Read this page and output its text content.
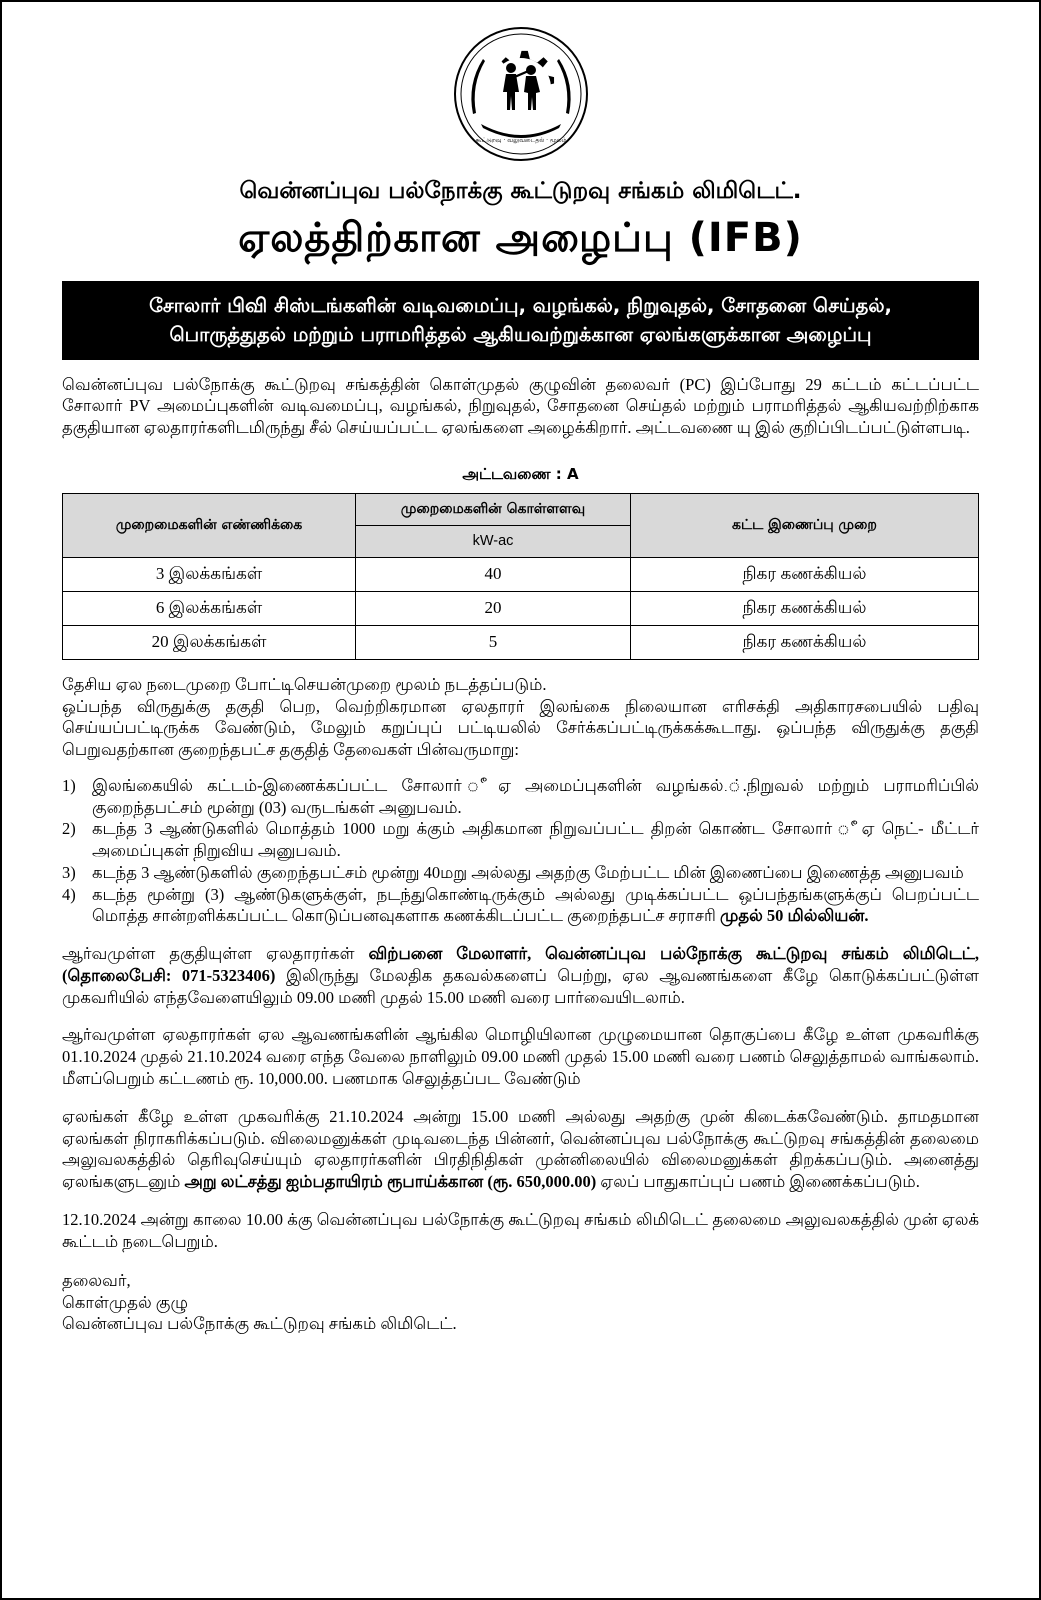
கூட்டுறவு · வலுவடைதல் · மூலம்
வென்னப்புவ பல்நோக்கு கூட்டுறவு சங்கம் லிமிடெட்.
ஏலத்திற்கான அழைப்பு (IFB)
சோலார் பிவி சிஸ்டங்களின் வடிவமைப்பு, வழங்கல், நிறுவுதல், சோதனை செய்தல்,
பொருத்துதல் மற்றும் பராமரித்தல் ஆகியவற்றுக்கான ஏலங்களுக்கான அழைப்பு

வென்னப்புவ பல்நோக்கு கூட்டுறவு சங்கத்தின் கொள்முதல் குழுவின் தலைவர் (PC) இப்போது 29 கட்டம் கட்டப்பட்ட சோலார் PV அமைப்புகளின் வடிவமைப்பு, வழங்கல், நிறுவுதல், சோதனை செய்தல் மற்றும் பராமரித்தல் ஆகியவற்றிற்காக தகுதியான ஏலதாரர்களிடமிருந்து சீல் செய்யப்பட்ட ஏலங்களை அழைக்கிறார். அட்டவணை யு இல் குறிப்பிடப்பட்டுள்ளபடி.

அட்டவணை : A
முறைமைகளின் எண்ணிக்கை	முறைமைகளின் கொள்ளளவு	கட்ட இணைப்பு முறை
	kW-ac	
3 இலக்கங்கள்	40	நிகர கணக்கியல்
6 இலக்கங்கள்	20	நிகர கணக்கியல்
20 இலக்கங்கள்	5	நிகர கணக்கியல்

தேசிய ஏல நடைமுறை போட்டிசெயன்முறை மூலம் நடத்தப்படும்.

ஒப்பந்த விருதுக்கு தகுதி பெற, வெற்றிகரமான ஏலதாரர் இலங்கை நிலையான எரிசக்தி அதிகாரசபையில் பதிவு செய்யப்பட்டிருக்க வேண்டும், மேலும் கறுப்புப் பட்டியலில் சேர்க்கப்பட்டிருக்கக்கூடாது. ஒப்பந்த விருதுக்கு தகுதி பெறுவதற்கான குறைந்தபட்ச தகுதித் தேவைகள் பின்வருமாறு:

1) இலங்கையில் கட்டம்-இணைக்கப்பட்ட சோலார் ீஏ அமைப்புகளின் வழங்கல்.்.நிறுவல் மற்றும் பராமரிப்பில் குறைந்தபட்சம் மூன்று (03) வருடங்கள் அனுபவம்.
2) கடந்த 3 ஆண்டுகளில் மொத்தம் 1000 மறு க்கும் அதிகமான நிறுவப்பட்ட திறன் கொண்ட சோலார் ீஏ நெட்- மீட்டர் அமைப்புகள் நிறுவிய அனுபவம்.
3) கடந்த 3 ஆண்டுகளில் குறைந்தபட்சம் மூன்று 40மறு அல்லது அதற்கு மேற்பட்ட மின் இணைப்பை இணைத்த அனுபவம்
4) கடந்த மூன்று (3) ஆண்டுகளுக்குள், நடந்துகொண்டிருக்கும் அல்லது முடிக்கப்பட்ட ஒப்பந்தங்களுக்குப் பெறப்பட்ட மொத்த சான்றளிக்கப்பட்ட கொடுப்பனவுகளாக கணக்கிடப்பட்ட குறைந்தபட்ச சராசரி முதல் 50 மில்லியன்.

ஆர்வமுள்ள தகுதியுள்ள ஏலதாரர்கள் விற்பனை மேலாளர், வென்னப்புவ பல்நோக்கு கூட்டுறவு சங்கம் லிமிடெட், (தொலைபேசி: 071-5323406) இலிருந்து மேலதிக தகவல்களைப் பெற்று, ஏல ஆவணங்களை கீழே கொடுக்கப்பட்டுள்ள முகவரியில் எந்தவேளையிலும் 09.00 மணி முதல் 15.00 மணி வரை பார்வையிடலாம்.

ஆர்வமுள்ள ஏலதாரர்கள் ஏல ஆவணங்களின் ஆங்கில மொழியிலான முழுமையான தொகுப்பை கீழே உள்ள முகவரிக்கு 01.10.2024 முதல் 21.10.2024 வரை எந்த வேலை நாளிலும் 09.00 மணி முதல் 15.00 மணி வரை பணம் செலுத்தாமல் வாங்கலாம். மீளப்பெறும் கட்டணம் ரூ. 10,000.00. பணமாக செலுத்தப்பட வேண்டும்

ஏலங்கள் கீழே உள்ள முகவரிக்கு 21.10.2024 அன்று 15.00 மணி அல்லது அதற்கு முன் கிடைக்கவேண்டும். தாமதமான ஏலங்கள் நிராகரிக்கப்படும். விலைமனுக்கள் முடிவடைந்த பின்னர், வென்னப்புவ பல்நோக்கு கூட்டுறவு சங்கத்தின் தலைமை அலுவலகத்தில் தெரிவுசெய்யும் ஏலதாரர்களின் பிரதிநிதிகள் முன்னிலையில் விலைமனுக்கள் திறக்கப்படும். அனைத்து ஏலங்களுடனும் அறு லட்சத்து ஐம்பதாயிரம் ரூபாய்க்கான (ரூ. 650,000.00) ஏலப் பாதுகாப்புப் பணம் இணைக்கப்படும்.

12.10.2024 அன்று காலை 10.00 க்கு வென்னப்புவ பல்நோக்கு கூட்டுறவு சங்கம் லிமிடெட் தலைமை அலுவலகத்தில் முன் ஏலக் கூட்டம் நடைபெறும்.

தலைவர்,
கொள்முதல் குழு
வென்னப்புவ பல்நோக்கு கூட்டுறவு சங்கம் லிமிடெட்.
